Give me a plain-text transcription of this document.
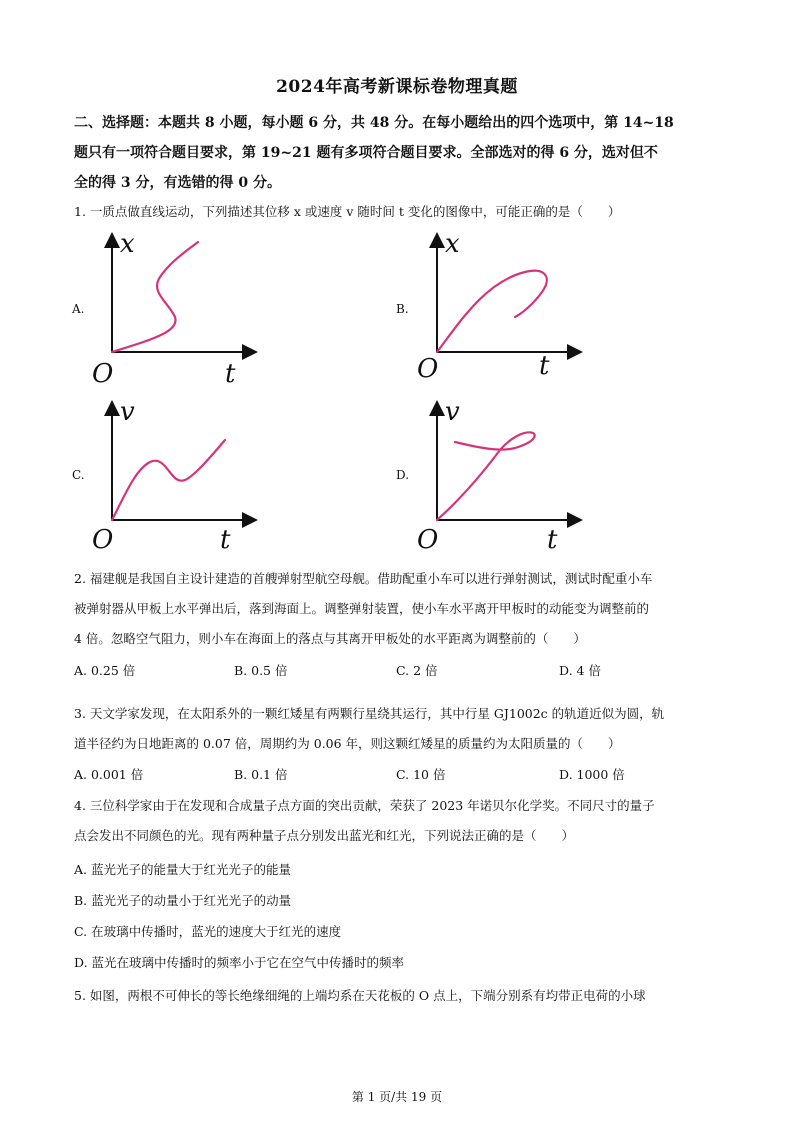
2024年高考新课标卷物理真题
二、选择题：本题共 8 小题，每小题 6 分，共 48 分。在每小题给出的四个选项中，第 14~18
题只有一项符合题目要求，第 19~21 题有多项符合题目要求。全部选对的得 6 分，选对但不
全的得 3 分，有选错的得 0 分。
1. 一质点做直线运动，下列描述其位移 x 或速度 v 随时间 t 变化的图像中，可能正确的是（　　）
A.
x
t
O
B.
x
t
O
C.
v
t
O
D.
v
t
O
2. 福建舰是我国自主设计建造的首艘弹射型航空母舰。借助配重小车可以进行弹射测试，测试时配重小车
被弹射器从甲板上水平弹出后，落到海面上。调整弹射装置，使小车水平离开甲板时的动能变为调整前的
4 倍。忽略空气阻力，则小车在海面上的落点与其离开甲板处的水平距离为调整前的（　　）
A. 0.25 倍	B. 0.5 倍	C. 2 倍	D. 4 倍
3. 天文学家发现，在太阳系外的一颗红矮星有两颗行星绕其运行，其中行星 GJ1002c 的轨道近似为圆，轨
道半径约为日地距离的 0.07 倍，周期约为 0.06 年，则这颗红矮星的质量约为太阳质量的（　　）
A. 0.001 倍	B. 0.1 倍	C. 10 倍	D. 1000 倍
4. 三位科学家由于在发现和合成量子点方面的突出贡献，荣获了 2023 年诺贝尔化学奖。不同尺寸的量子
点会发出不同颜色的光。现有两种量子点分别发出蓝光和红光，下列说法正确的是（　　）
A. 蓝光光子的能量大于红光光子的能量
B. 蓝光光子的动量小于红光光子的动量
C. 在玻璃中传播时，蓝光的速度大于红光的速度
D. 蓝光在玻璃中传播时的频率小于它在空气中传播时的频率
5. 如图，两根不可伸长的等长绝缘细绳的上端均系在天花板的 O 点上，下端分别系有均带正电荷的小球
第 1 页/共 19 页
